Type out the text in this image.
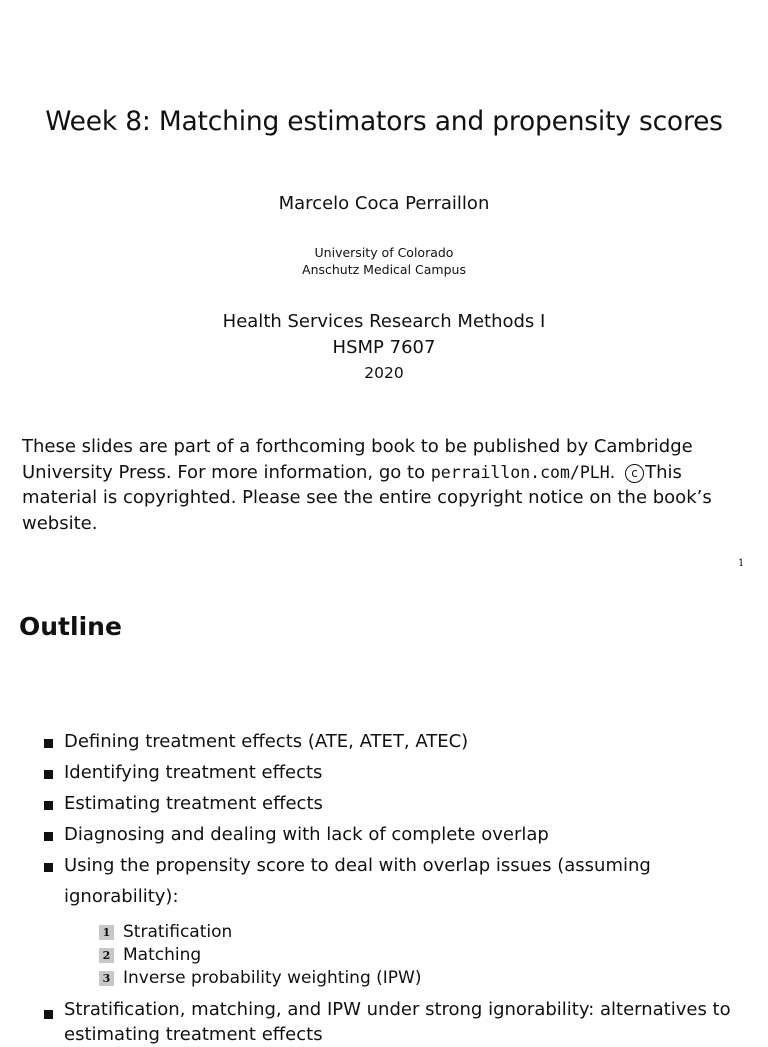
Week 8: Matching estimators and propensity scores
Marcelo Coca Perraillon
University of Colorado
Anschutz Medical Campus
Health Services Research Methods I
HSMP 7607
2020
These slides are part of a forthcoming book to be published by Cambridge University Press. For more information, go to perraillon.com/PLH. c This material is copyrighted. Please see the entire copyright notice on the book’s website.
1
Outline
Defining treatment effects (ATE, ATET, ATEC)
Identifying treatment effects
Estimating treatment effects
Diagnosing and dealing with lack of complete overlap
Using the propensity score to deal with overlap issues (assuming ignorability):
1 Stratification
2 Matching
3 Inverse probability weighting (IPW)
Stratification, matching, and IPW under strong ignorability: alternatives to estimating treatment effects
